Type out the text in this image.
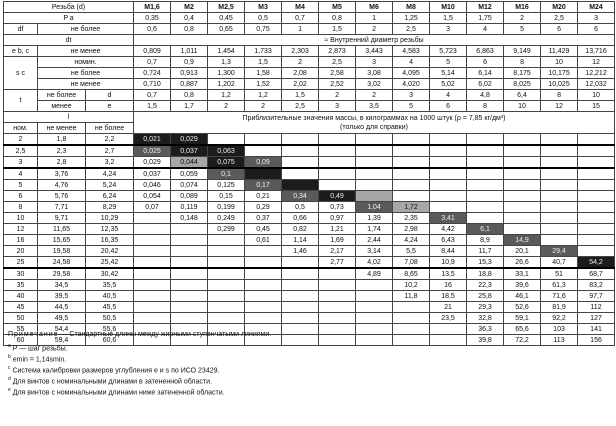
Резьба (d)			M1,6	M2	M2,5	M3	M4	M5	M6	M8	M10	M12	M16	M20	M24
P a			0,35	0,4	0,45	0,5	0,7	0,8	1	1,25	1,5	1,75	2	2,5	3
df	не более		0,6	0,8	0,65	0,75	1	1,5	2	2,5	3	4	5	6	6
dt			≈ Внутренний диаметр резьбы												
e b, c	не менее		0,809	1,011	1,454	1,733	2,303	2,873	3,443	4,583	5,723	6,863	9,149	11,429	13,716
s c	номин.		0,7	0,9	1,3	1,5	2	2,5	3	4	5	6	8	10	12
	не более		0,724	0,913	1,300	1,58	2,08	2,58	3,08	4,095	5,14	6,14	8,175	10,175	12,212
	не менее		0,710	0,887	1,202	1,52	2,02	2,52	3,02	4,020	5,02	6,02	8,025	10,025	12,032
t	не более	d	0,7	0,8	1,2	1,2	1,5	2	2	3	4	4,8	6,4	8	10
	менее	e	1,5	1,7	2	2	2,5	3	3,5	5	6	8	10	12	15
l			Приблизительные значения массы, в килограммах на 1000 штук (ρ = 7,85 кг/дм³)
(только для справки)												

ном.	не менее	не более													
2	1,8	2,2	0,021	0,029											
2,5	2,3	2,7	0,025	0,037	0,063										
3	2,8	3,2	0,029	0,044	0,075	0,09									
4	3,76	4,24	0,037	0,059	0,1										
5	4,76	5,24	0,046	0,074	0,125	0,17									
6	5,76	6,24	0,054	0,089	0,15	0,21	0,34	0,49							
8	7,71	8,29	0,07	0,119	0,199	0,29	0,5	0,73	1,04	1,72					
10	9,71	10,29		0,148	0,249	0,37	0,66	0,97	1,39	2,35	3,41				
12	11,65	12,35			0,299	0,45	0,82	1,21	1,74	2,98	4,42	6,1			
16	15,65	16,35				0,61	1,14	1,69	2,44	4,24	6,43	8,9	14,9		
20	19,58	20,42					1,46	2,17	3,14	5,5	8,44	11,7	20,1	29,4	
25	24,58	25,42						2,77	4,02	7,08	10,9	15,3	26,6	40,7	54,2
30	29,58	30,42							4,89	8,65	13,5	18,8	33,1	51	68,7
35	34,5	35,5								10,2	16	22,3	39,6	61,3	83,2
40	39,5	40,5								11,8	18,5	25,8	46,1	71,6	97,7
45	44,5	45,5									21	29,3	52,6	81,9	112
50	49,5	50,5									23,5	32,8	59,1	92,2	127
55	54,4	55,6										36,3	65,6	103	141
60	59,4	60,6										39,8	72,2	113	156
Примечание — Стандартные длины между жирными ступенчатыми линиями.
$^a$ P — шаг резьбы.
$^b$ emin = 1,14smin.
$^c$ Система калибровки размеров углубления e и s по ИСО 23429.
$^d$ Для винтов с номинальными длинами в затененной области.
$^e$ Для винтов с номинальными длинами ниже затененной области.
